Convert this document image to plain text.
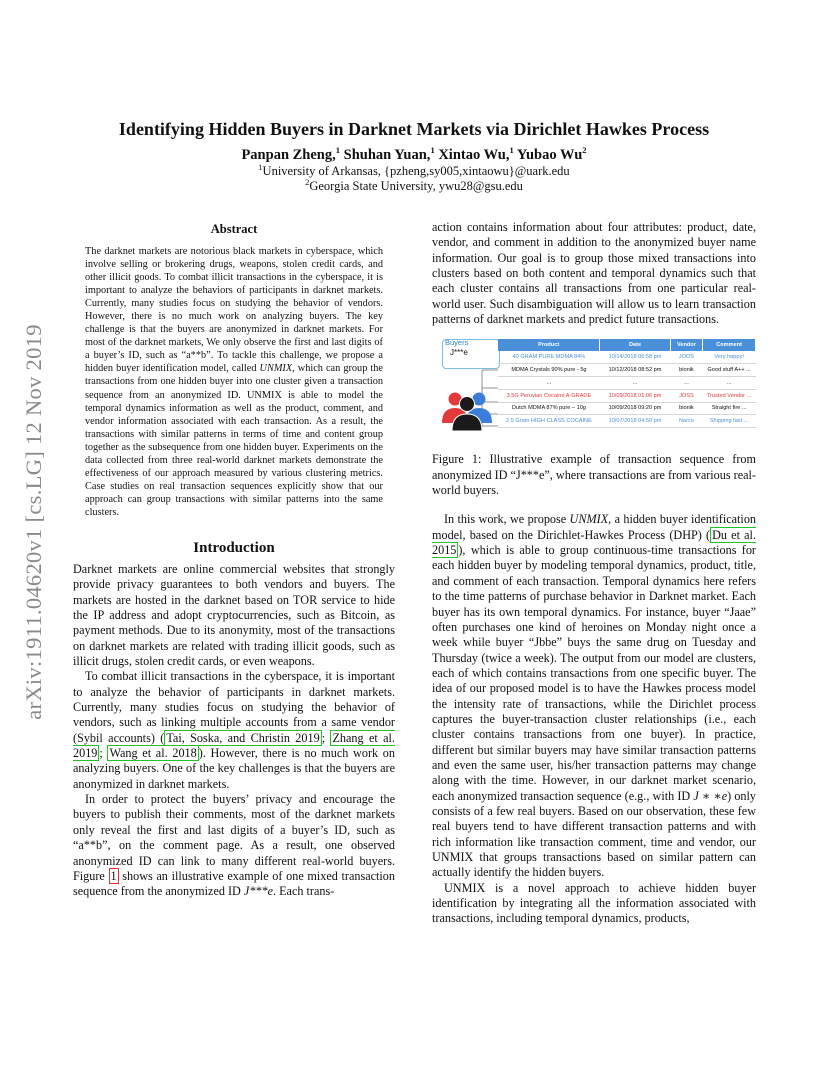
arXiv:1911.04620v1 [cs.LG] 12 Nov 2019
Identifying Hidden Buyers in Darknet Markets via Dirichlet Hawkes Process
Panpan Zheng,$^1$ Shuhan Yuan,$^1$ Xintao Wu,$^1$ Yubao Wu$^2$
$^1$University of Arkansas, {pzheng,sy005,xintaowu}@uark.edu
$^2$Georgia State University, ywu28@gsu.edu
Abstract

The darknet markets are notorious black markets in cyberspace, which involve selling or brokering drugs, weapons, stolen credit cards, and other illicit goods. To combat illicit transactions in the cyberspace, it is important to analyze the behaviors of participants in darknet markets. Currently, many studies focus on studying the behavior of vendors. However, there is no much work on analyzing buyers. The key challenge is that the buyers are anonymized in darknet markets. For most of the darknet markets, We only observe the first and last digits of a buyer’s ID, such as “a**b”. To tackle this challenge, we propose a hidden buyer identification model, called UNMIX, which can group the transactions from one hidden buyer into one cluster given a transaction sequence from an anonymized ID. UNMIX is able to model the temporal dynamics information as well as the product, comment, and vendor information associated with each transaction. As a result, the transactions with similar patterns in terms of time and content group together as the subsequence from one hidden buyer. Experiments on the data collected from three real-world darknet markets demonstrate the effectiveness of our approach measured by various clustering metrics. Case studies on real transaction sequences explicitly show that our approach can group transactions with similar patterns into the same clusters.

Introduction

Darknet markets are online commercial websites that strongly provide privacy guarantees to both vendors and buyers. The markets are hosted in the darknet based on TOR service to hide the IP address and adopt cryptocurrencies, such as Bitcoin, as payment methods. Due to its anonymity, most of the transactions on darknet markets are related with trading illicit goods, such as illicit drugs, stolen credit cards, or even weapons.

To combat illicit transactions in the cyberspace, it is important to analyze the behavior of participants in darknet markets. Currently, many studies focus on studying the behavior of vendors, such as linking multiple accounts from a same vendor (Sybil accounts) ( Tai, Soska, and Christin 2019 ; Zhang et al. 2019 ; Wang et al. 2018 ). However, there is no much work on analyzing buyers. One of the key challenges is that the buyers are anonymized in darknet markets.

In order to protect the buyers’ privacy and encourage the buyers to publish their comments, most of the darknet markets only reveal the first and last digits of a buyer’s ID, such as “a**b”, on the comment page. As a result, one observed anonymized ID can link to many different real-world buyers. Figure 1 shows an illustrative example of one mixed transaction sequence from the anonymized ID J***e. Each trans-

action contains information about four attributes: product, date, vendor, and comment in addition to the anonymized buyer name information. Our goal is to group those mixed transactions into clusters based on both content and temporal dynamics such that each cluster contains all transactions from one particular real-world user. Such disambiguation will allow us to learn transaction patterns of darknet markets and predict future transactions.

Buyers
J***e
Product	Date	Vendor	Comment
40 GRAM PURE MDMA 84%	10/14/2018 06:58 pm	JOOS	Very happy!
MDMA Crystals 90% pure - 5g	10/12/2018 08:52 pm	bionik	Good stuff A++ ...
...	...	...	...
3.5G Peruvian Cocaine A-GRADE	10/09/2018 01:06 pm	JOSS	Trusted Vendor ...
Dutch MDMA 87% pure – 10g	10/09/2018 09:20 pm	bionik	Straight fire ...
2.5 Gram HIGH CLASS COCAINE	10/07/2018 04:50 pm	Narco	Shipping fast ...

Figure 1: Illustrative example of transaction sequence from anonymized ID “J***e”, where transactions are from various real-world buyers.

In this work, we propose UNMIX, a hidden buyer identification model, based on the Dirichlet-Hawkes Process (DHP) ( Du et al. 2015 ), which is able to group continuous-time transactions for each hidden buyer by modeling temporal dynamics, product, title, and comment of each transaction. Temporal dynamics here refers to the time patterns of purchase behavior in Darknet market. Each buyer has its own temporal dynamics. For instance, buyer “Jaae” often purchases one kind of heroines on Monday night once a week while buyer “Jbbe” buys the same drug on Tuesday and Thursday (twice a week). The output from our model are clusters, each of which contains transactions from one specific buyer. The idea of our proposed model is to have the Hawkes process model the intensity rate of transactions, while the Dirichlet process captures the buyer-transaction cluster relationships (i.e., each cluster contains transactions from one buyer). In practice, different but similar buyers may have similar transaction patterns and even the same user, his/her transaction patterns may change along with the time. However, in our darknet market scenario, each anonymized transaction sequence (e.g., with ID J ∗ ∗e) only consists of a few real buyers. Based on our observation, these few real buyers tend to have different transaction patterns and with rich information like transaction comment, time and vendor, our UNMIX that groups transactions based on similar pattern can actually identify the hidden buyers.

UNMIX is a novel approach to achieve hidden buyer identification by integrating all the information associated with transactions, including temporal dynamics, products,
